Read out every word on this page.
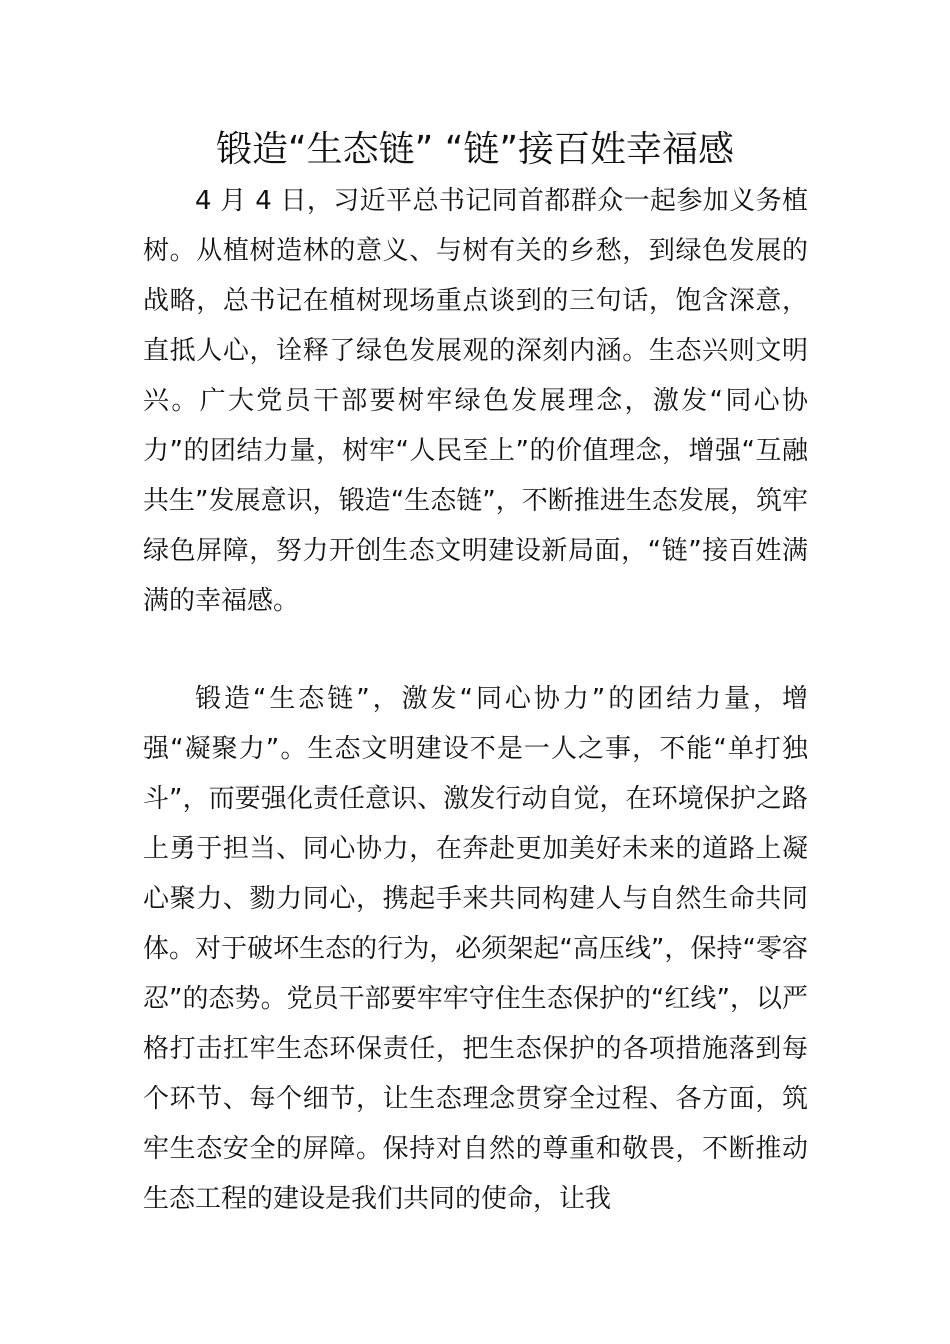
锻造“生态链” “链”接百姓幸福感

4 月 4 日，习近平总书记同首都群众一起参加义务植树。从植树造林的意义、与树有关的乡愁，到绿色发展的战略，总书记在植树现场重点谈到的三句话，饱含深意，直抵人心，诠释了绿色发展观的深刻内涵。生态兴则文明兴。广大党员干部要树牢绿色发展理念，激发“同心协力”的团结力量，树牢“人民至上”的价值理念，增强“互融共生”发展意识，锻造“生态链”，不断推进生态发展，筑牢绿色屏障，努力开创生态文明建设新局面，“链”接百姓满满的幸福感。

锻造“生态链”，激发“同心协力”的团结力量，增强“凝聚力”。生态文明建设不是一人之事，不能“单打独斗”，而要强化责任意识、激发行动自觉，在环境保护之路上勇于担当、同心协力，在奔赴更加美好未来的道路上凝心聚力、勠力同心，携起手来共同构建人与自然生命共同体。对于破坏生态的行为，必须架起“高压线”，保持“零容忍”的态势。党员干部要牢牢守住生态保护的“红线”，以严格打击扛牢生态环保责任，把生态保护的各项措施落到每个环节、每个细节，让生态理念贯穿全过程、各方面，筑牢生态安全的屏障。保持对自然的尊重和敬畏，不断推动生态工程的建设是我们共同的使命，让我
